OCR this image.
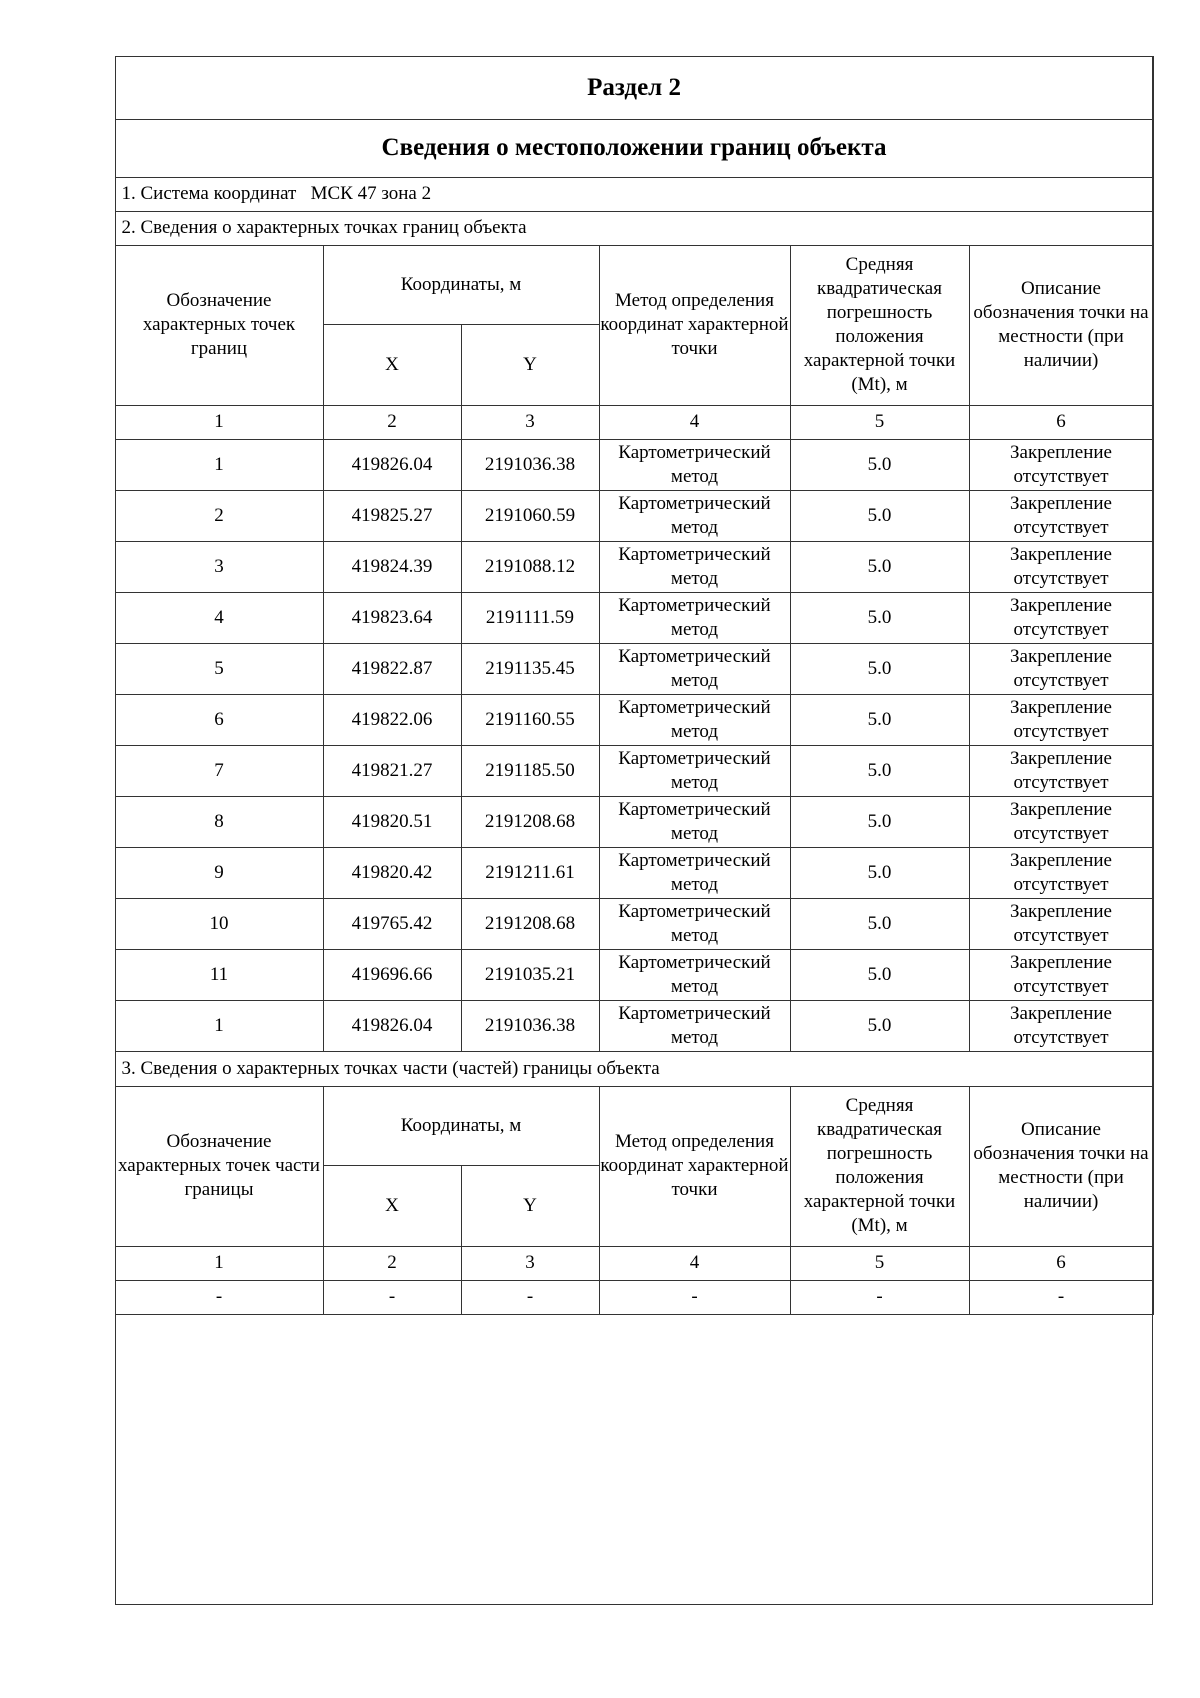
Раздел 2					
Сведения о местоположении границ объекта					
1. Система координат МСК 47 зона 2					
2. Сведения о характерных точках границ объекта					
Обозначение характерных точек границ	Координаты, м		Метод определения координат характерной точки	Средняя квадратическая погрешность положения характерной точки (Mt), м	Описание обозначения точки на местности (при наличии)
	X	Y			
1	2	3	4	5	6
1	419826.04	2191036.38	Картометрический метод	5.0	Закрепление отсутствует
2	419825.27	2191060.59	Картометрический метод	5.0	Закрепление отсутствует
3	419824.39	2191088.12	Картометрический метод	5.0	Закрепление отсутствует
4	419823.64	2191111.59	Картометрический метод	5.0	Закрепление отсутствует
5	419822.87	2191135.45	Картометрический метод	5.0	Закрепление отсутствует
6	419822.06	2191160.55	Картометрический метод	5.0	Закрепление отсутствует
7	419821.27	2191185.50	Картометрический метод	5.0	Закрепление отсутствует
8	419820.51	2191208.68	Картометрический метод	5.0	Закрепление отсутствует
9	419820.42	2191211.61	Картометрический метод	5.0	Закрепление отсутствует
10	419765.42	2191208.68	Картометрический метод	5.0	Закрепление отсутствует
11	419696.66	2191035.21	Картометрический метод	5.0	Закрепление отсутствует
1	419826.04	2191036.38	Картометрический метод	5.0	Закрепление отсутствует
3. Сведения о характерных точках части (частей) границы объекта					
Обозначение характерных точек части границы	Координаты, м		Метод определения координат характерной точки	Средняя квадратическая погрешность положения характерной точки (Mt), м	Описание обозначения точки на местности (при наличии)
	X	Y			
1	2	3	4	5	6
-	-	-	-	-	-
